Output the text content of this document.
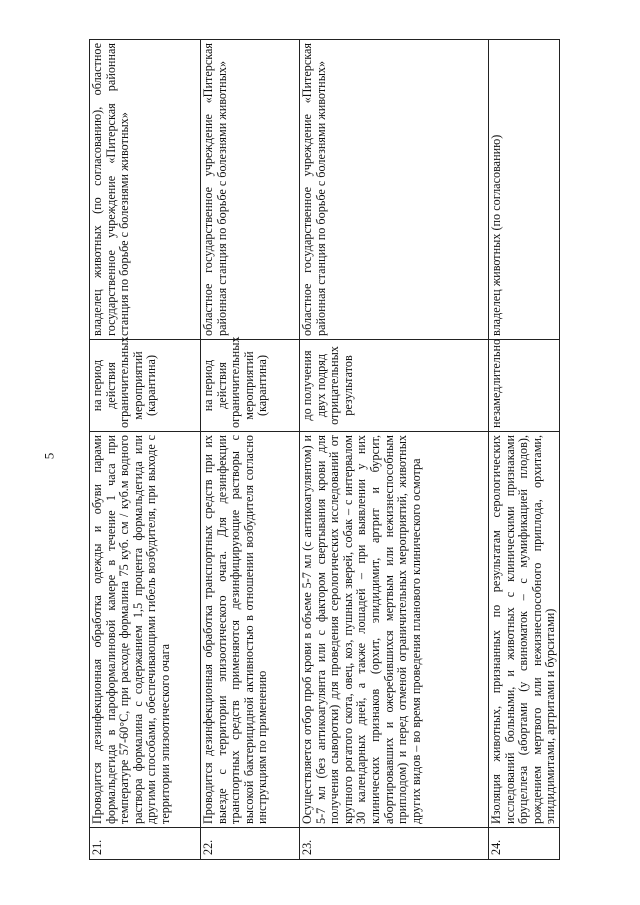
5
21.	Проводится дезинфекционная обработка одежды и обуви парами формальдегида в пароформалиновой камере в течение 1 часа при температуре 57-60°С, при расходе формалина 75 куб. см / куб.м водного раствора формалина с содержанием 1,5 процента формальдегида или другими способами, обеспечивающими гибель возбудителя, при выходе с территории эпизоотического очага	на период действия ограничительных мероприятий (карантина)	владелец животных (по согласованию), областное государственное учреждение «Питерская районная станция по борьбе с болезнями животных»
22.	Проводится дезинфекционная обработка транспортных средств при их выезде с территории эпизоотического очага. Для дезинфекции транспортных средств применяются дезинфицирующие растворы с высокой бактерицидной активностью в отношении возбудителя согласно инструкциям по применению	на период действия ограничительных мероприятий (карантина)	областное государственное учреждение «Питерская районная станция по борьбе с болезнями животных»
23.	Осуществляется отбор проб крови в объеме 5-7 мл (с антикоагулянтом) и 5-7 мл (без антикоагулянта или с фактором свертывания крови для получения сыворотки) для проведения серологических исследований от крупного рогатого скота, овец, коз, пушных зверей, собак – с интервалом 30 календарных дней, а также лошадей – при выявлении у них клинических признаков (орхит, эпидидимит, артрит и бурсит, абортировавших и ожеребившихся мертвым или нежизнеспособным приплодом) и перед отменой ограничительных мероприятий, животных других видов – во время проведения планового клинического осмотра	до получения двух подряд отрицательных результатов	областное государственное учреждение «Питерская районная станция по борьбе с болезнями животных»
24.	Изоляция животных, признанных по результатам серологических исследований больными, и животных с клиническими признаками бруцеллеза (абортами (у свиноматок – с мумификацией плодов), рождением мертвого или нежизнеспособного приплода, орхитами, эпидидимитами, артритами и бурситами)	незамедлительно	владелец животных (по согласованию)
